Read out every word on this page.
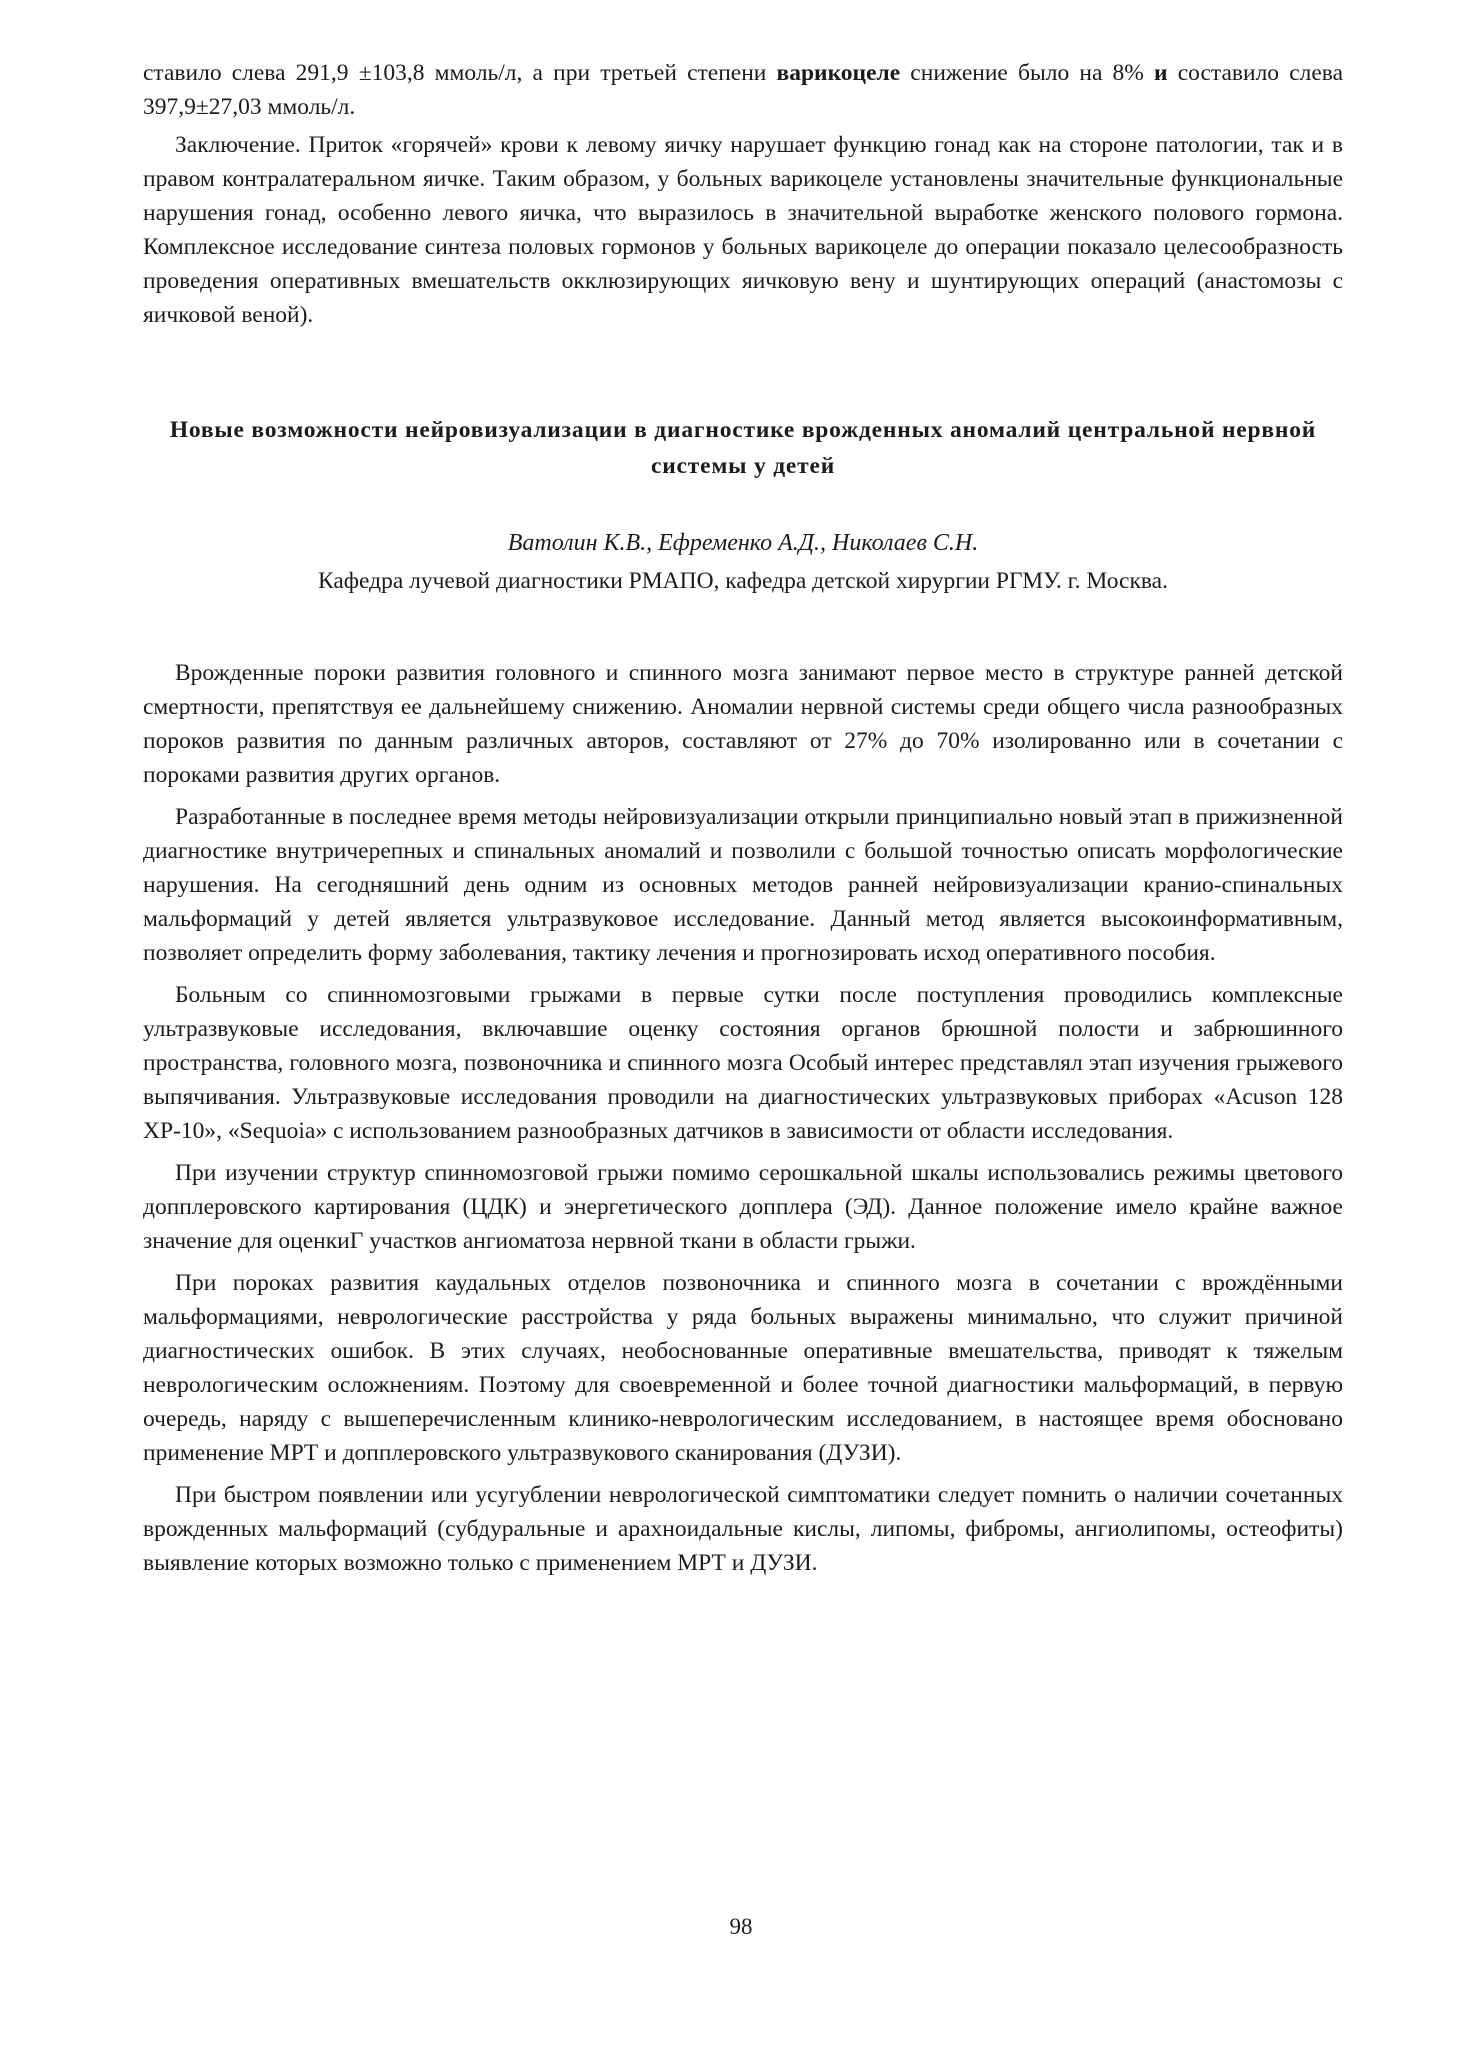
ставило слева 291,9 ±103,8 ммоль/л, а при третьей степени варикоцеле снижение было на 8% и составило слева 397,9±27,03 ммоль/л.

Заключение. Приток «горячей» крови к левому яичку нарушает функцию гонад как на стороне патологии, так и в правом контралатеральном яичке. Таким образом, у больных варикоцеле установлены значительные функциональные нарушения гонад, особенно левого яичка, что выразилось в значительной выработке женского полового гормона. Комплексное исследование синтеза половых гормонов у больных варикоцеле до операции показало целесообразность проведения оперативных вмешательств окклюзирующих яичковую вену и шунтирующих операций (анастомозы с яичковой веной).

Новые возможности нейровизуализации в диагностике врожденных аномалий центральной нервной системы у детей
Ватолин К.В., Ефременко А.Д., Николаев С.Н.
Кафедра лучевой диагностики РМАПО, кафедра детской хирургии РГМУ. г. Москва.

Врожденные пороки развития головного и спинного мозга занимают первое место в структуре ранней детской смертности, препятствуя ее дальнейшему снижению. Аномалии нервной системы среди общего числа разнообразных пороков развития по данным различных авторов, составляют от 27% до 70% изолированно или в сочетании с пороками развития других органов.

Разработанные в последнее время методы нейровизуализации открыли принципиально новый этап в прижизненной диагностике внутричерепных и спинальных аномалий и позволили с большой точностью описать морфологические нарушения. На сегодняшний день одним из основных методов ранней нейровизуализации кранио-спинальных мальформаций у детей является ультразвуковое исследование. Данный метод является высокоинформативным, позволяет определить форму заболевания, тактику лечения и прогнозировать исход оперативного пособия.

Больным со спинномозговыми грыжами в первые сутки после поступления проводились комплексные ультразвуковые исследования, включавшие оценку состояния органов брюшной полости и забрюшинного пространства, головного мозга, позвоночника и спинного мозга Особый интерес представлял этап изучения грыжевого выпячивания. Ультразвуковые исследования проводили на диагностических ультразвуковых приборах «Acuson 128 XP-10», «Sequoia» с использованием разнообразных датчиков в зависимости от области исследования.

При изучении структур спинномозговой грыжи помимо серошкальной шкалы использовались режимы цветового допплеровского картирования (ЦДК) и энергетического допплера (ЭД). Данное положение имело крайне важное значение для оценкиГ участков ангиоматоза нервной ткани в области грыжи.

При пороках развития каудальных отделов позвоночника и спинного мозга в сочетании с врождёнными мальформациями, неврологические расстройства у ряда больных выражены минимально, что служит причиной диагностических ошибок. В этих случаях, необоснованные оперативные вмешательства, приводят к тяжелым неврологическим осложнениям. Поэтому для своевременной и более точной диагностики мальформаций, в первую очередь, наряду с вышеперечисленным клинико-неврологическим исследованием, в настоящее время обосновано применение МРТ и допплеровского ультразвукового сканирования (ДУЗИ).

При быстром появлении или усугублении неврологической симптоматики следует помнить о наличии сочетанных врожденных мальформаций (субдуральные и арахноидальные кислы, липомы, фибромы, ангиолипомы, остеофиты) выявление которых возможно только с применением МРТ и ДУЗИ.

98
